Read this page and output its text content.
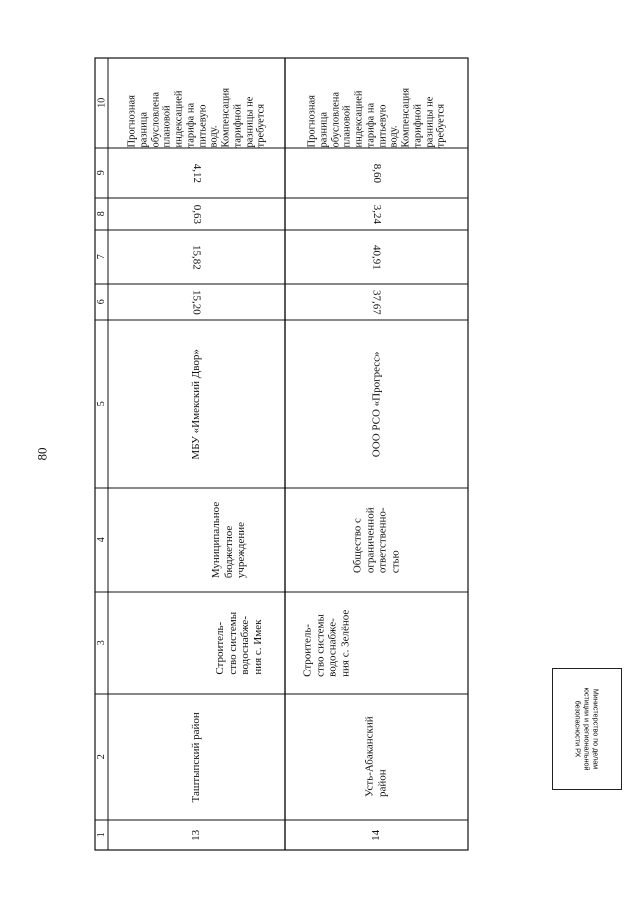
80
10
9
8
7
6
5
4
3
2
1
Прогнозная
разница
обусловлена
плановой
индексацией
тарифа на
питьевую
воду.
Компенсация
тарифной
разницы не
требуется
4,12
0,63
15,82
15,20
МБУ «Имекский Двор»
Муниципальное
бюджетное
учреждение
Строитель-
ство системы
водоснабже-
ния с. Имек
Таштыпский район
13
Прогнозная
разница
обусловлена
плановой
индексацией
тарифа на
питьевую
воду.
Компенсация
тарифной
разницы не
требуется
8,60
3,24
40,91
37,67
ООО РСО «Прогресс»
Общество с
ограниченной
ответственно-
стью
Строитель-
ство системы
водоснабже-
ния с. Зелёное
Усть-Абаканский
район
14
Министерство по делам
юстиции и региональной
безопасности РХ
